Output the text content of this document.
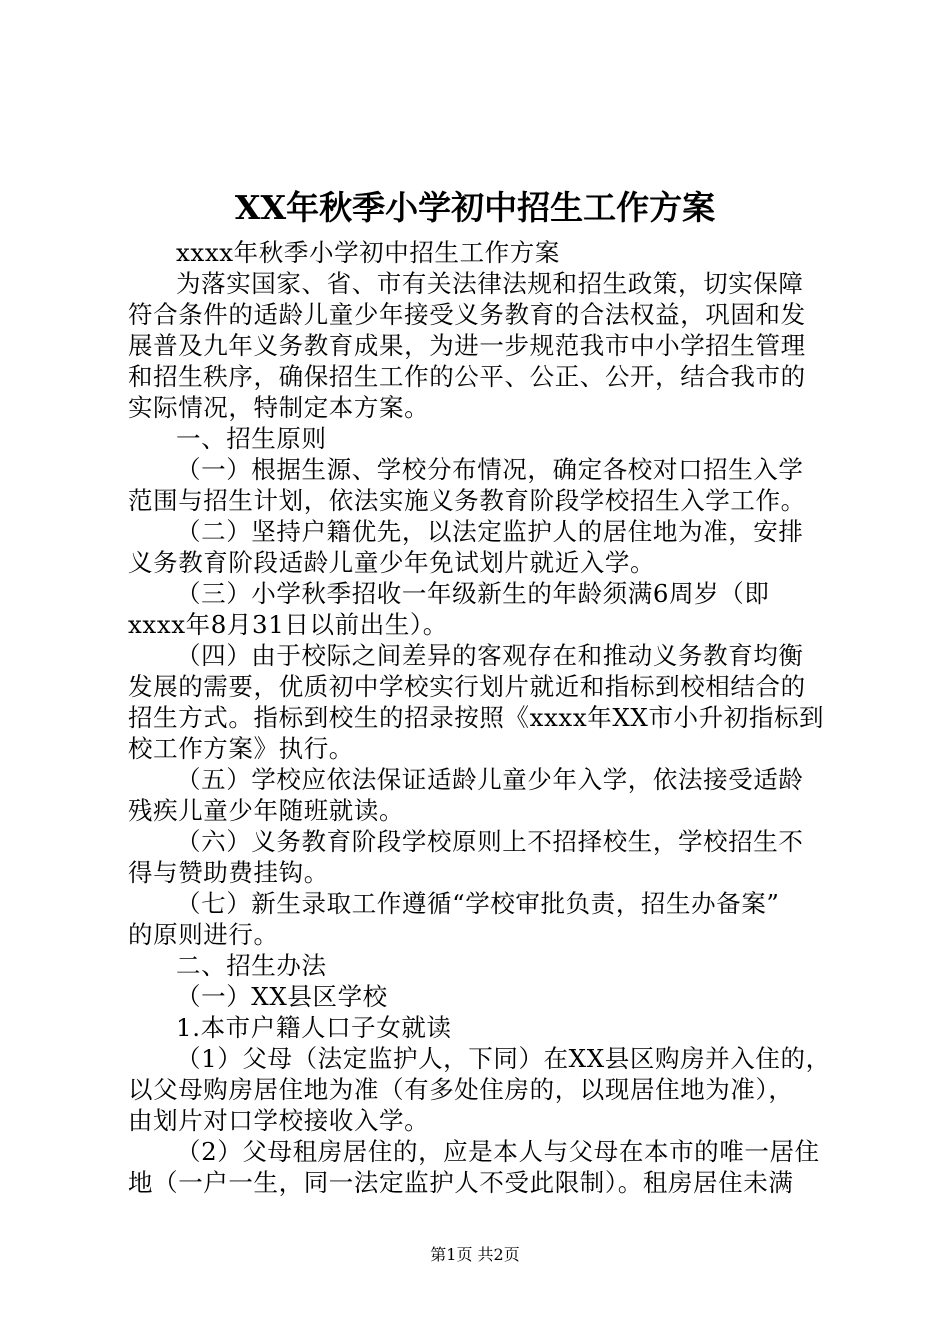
XX年秋季小学初中招生工作方案
xxxx年秋季小学初中招生工作方案
为落实国家、省、市有关法律法规和招生政策，切实保障
符合条件的适龄儿童少年接受义务教育的合法权益，巩固和发
展普及九年义务教育成果，为进一步规范我市中小学招生管理
和招生秩序，确保招生工作的公平、公正、公开，结合我市的
实际情况，特制定本方案。
一、招生原则
（一）根据生源、学校分布情况，确定各校对口招生入学
范围与招生计划，依法实施义务教育阶段学校招生入学工作。
（二）坚持户籍优先，以法定监护人的居住地为准，安排
义务教育阶段适龄儿童少年免试划片就近入学。
（三）小学秋季招收一年级新生的年龄须满6周岁（即
xxxx年8月31日以前出生）。
（四）由于校际之间差异的客观存在和推动义务教育均衡
发展的需要，优质初中学校实行划片就近和指标到校相结合的
招生方式。指标到校生的招录按照《xxxx年XX市小升初指标到
校工作方案》执行。
（五）学校应依法保证适龄儿童少年入学，依法接受适龄
残疾儿童少年随班就读。
（六）义务教育阶段学校原则上不招择校生，学校招生不
得与赞助费挂钩。
（七）新生录取工作遵循“学校审批负责，招生办备案”
的原则进行。
二、招生办法
（一）XX县区学校
1.本市户籍人口子女就读
（1）父母（法定监护人，下同）在XX县区购房并入住的，
以父母购房居住地为准（有多处住房的，以现居住地为准），
由划片对口学校接收入学。
（2）父母租房居住的，应是本人与父母在本市的唯一居住
地（一户一生，同一法定监护人不受此限制）。租房居住未满
第1页 共2页
